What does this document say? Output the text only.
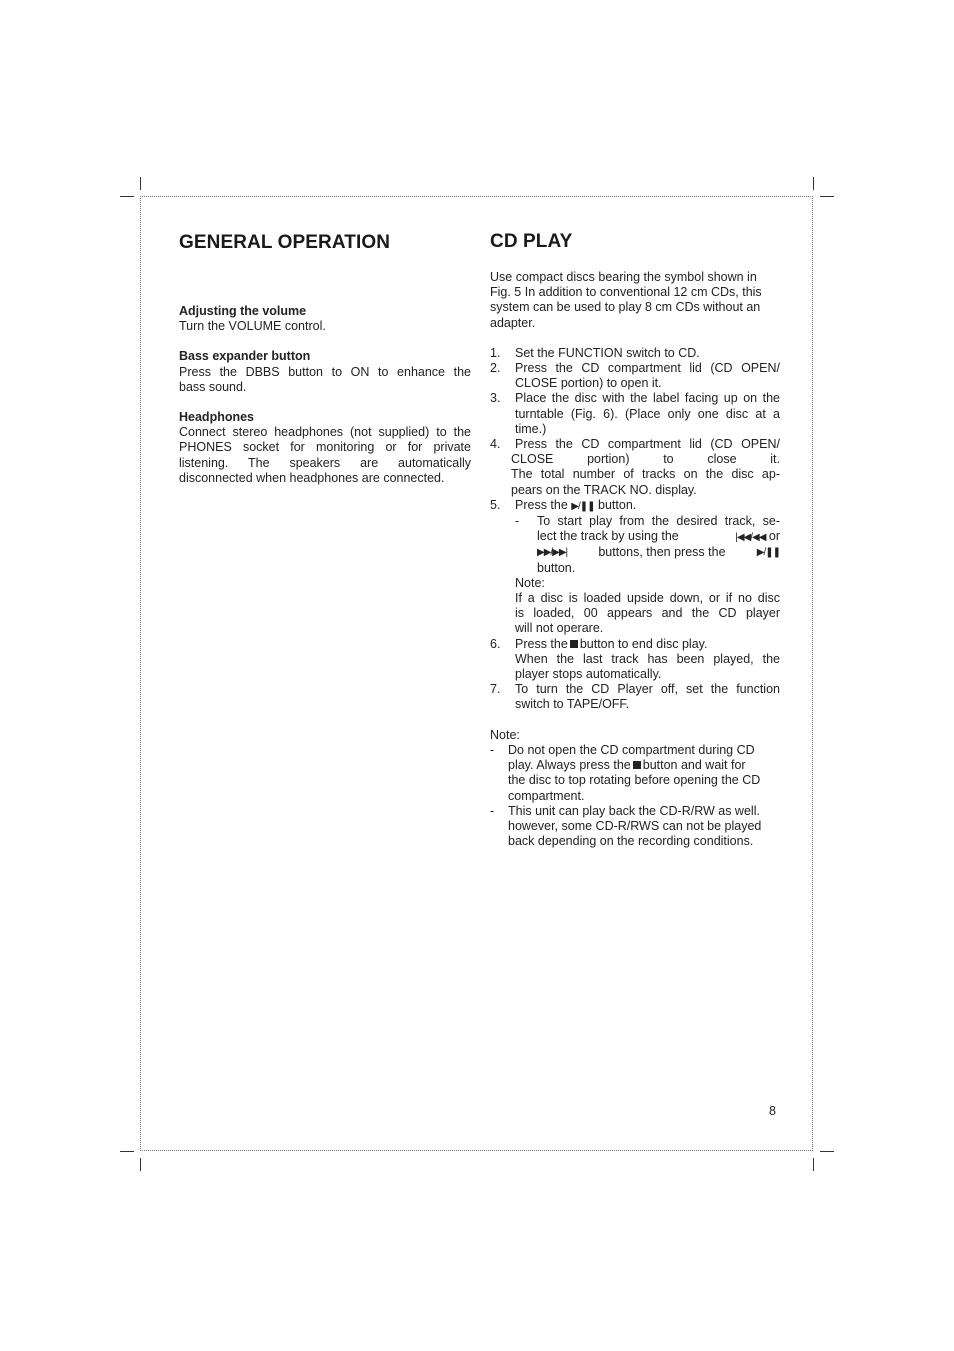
GENERAL OPERATION
Adjusting the volume
Turn the VOLUME control.
Bass expander button
Press the DBBS button to ON to enhance the
bass sound.
Headphones
Connect stereo headphones (not supplied) to the
PHONES socket for monitoring or for private
listening. The speakers are automatically
disconnected when headphones are connected.
CD PLAY
Use compact discs bearing the symbol shown in
Fig. 5 In addition to conventional 12 cm CDs, this
system can be used to play 8 cm CDs without an
adapter.
1.	Set the FUNCTION switch to CD.
2.	Press the CD compartment lid (CD OPEN/
CLOSE portion) to open it.
3.	Place the disc with the label facing up on the
turntable (Fig. 6). (Place only one disc at a
time.)
4.	Press the CD compartment lid (CD OPEN/
CLOSE portion) to close it.
The total number of tracks on the disc ap-
pears on the TRACK NO. display.
5.	Press the ▶/❚❚ button.
-	To start play from the desired track, se-
lect the track by using the	|◀◀/◀◀ or
▶▶/▶▶| buttons, then press the	▶/❚❚
button.
Note:
If a disc is loaded upside down, or if no disc
is loaded, 00 appears and the CD player
will not operare.
6.	Press the button to end disc play.
When the last track has been played, the
player stops automatically.
7.	To turn the CD Player off, set the function
switch to TAPE/OFF.
Note:
-	Do not open the CD compartment during CD
play. Always press the button and wait for
the disc to top rotating before opening the CD
compartment.
-	This unit can play back the CD-R/RW as well.
however, some CD-R/RWS can not be played
back depending on the recording conditions.
8
